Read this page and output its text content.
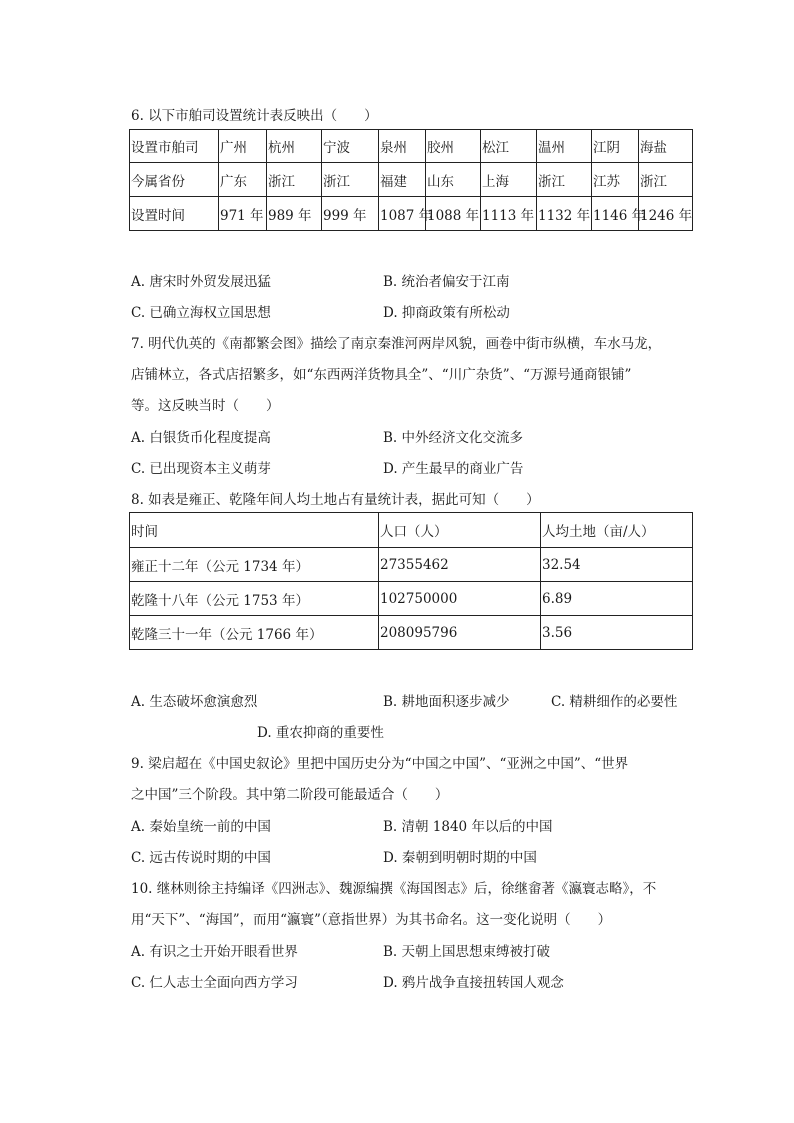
6. 以下市舶司设置统计表反映出（　　）
设置市舶司	广州	杭州	宁波	泉州	胶州	松江	温州	江阴	海盐
今属省份	广东	浙江	浙江	福建	山东	上海	浙江	江苏	浙江
设置时间	971 年	989 年	999 年	1087 年	1088 年	1113 年	1132 年	1146 年	1246 年
A. 唐宋时外贸发展迅猛	B. 统治者偏安于江南
C. 已确立海权立国思想	D. 抑商政策有所松动
7. 明代仇英的《南都繁会图》描绘了南京秦淮河两岸风貌，画卷中街市纵横，车水马龙，
店铺林立，各式店招繁多，如“东西两洋货物具全”、“川广杂货”、“万源号通商银铺”
等。这反映当时（　　）
A. 白银货币化程度提高	B. 中外经济文化交流多
C. 已出现资本主义萌芽	D. 产生最早的商业广告
8. 如表是雍正、乾隆年间人均土地占有量统计表，据此可知（　　）
时间	人口（人）	人均土地（亩/人）
雍正十二年（公元 1734 年）	27355462	32.54
乾隆十八年（公元 1753 年）	102750000	6.89
乾隆三十一年（公元 1766 年）	208095796	3.56
A. 生态破坏愈演愈烈	B. 耕地面积逐步减少	C. 精耕细作的必要性
D. 重农抑商的重要性
9. 梁启超在《中国史叙论》里把中国历史分为“中国之中国”、“亚洲之中国”、“世界
之中国”三个阶段。其中第二阶段可能最适合（　　）
A. 秦始皇统一前的中国	B. 清朝 1840 年以后的中国
C. 远古传说时期的中国	D. 秦朝到明朝时期的中国
10. 继林则徐主持编译《四洲志》、魏源编撰《海国图志》后，徐继畲著《瀛寰志略》，不
用“天下”、“海国”，而用“瀛寰”（意指世界）为其书命名。这一变化说明（　　）
A. 有识之士开始开眼看世界	B. 天朝上国思想束缚被打破
C. 仁人志士全面向西方学习	D. 鸦片战争直接扭转国人观念
